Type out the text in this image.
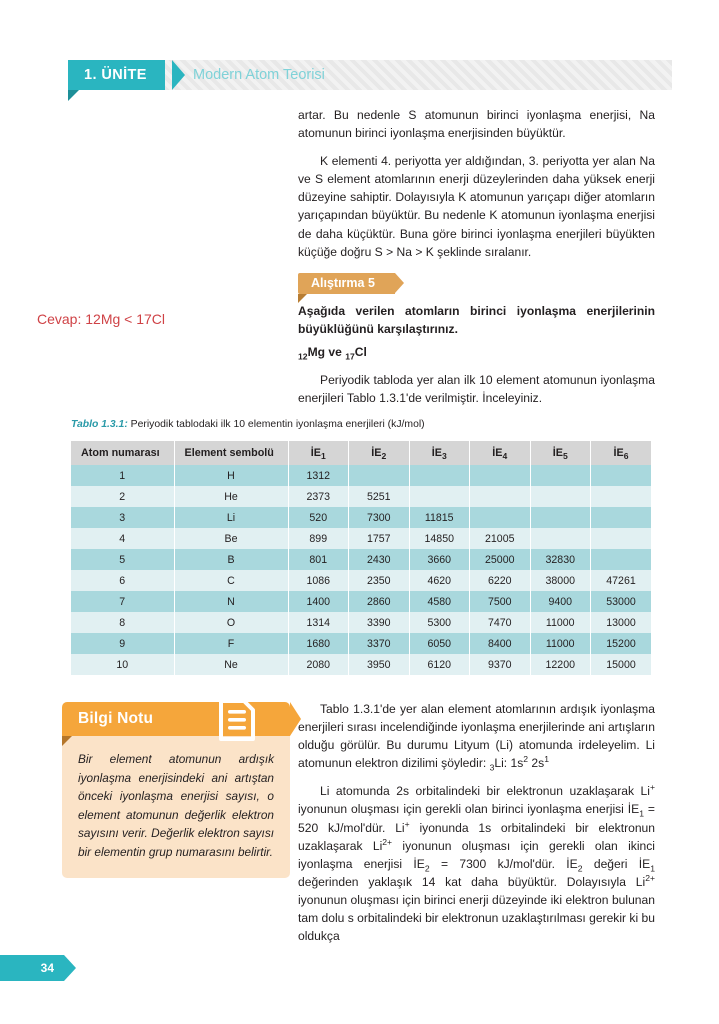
1. ÜNİTE	Modern Atom Teorisi

artar. Bu nedenle S atomunun birinci iyonlaşma enerjisi, Na atomunun birinci iyonlaşma enerjisinden büyüktür.

K elementi 4. periyotta yer aldığından, 3. periyotta yer alan Na ve S element atomlarının enerji düzeylerinden daha yüksek enerji düzeyine sahiptir. Dolayısıyla K atomunun yarıçapı diğer atomların yarıçapından büyüktür. Bu nedenle K atomunun iyonlaşma enerjisi de daha küçüktür. Buna göre birinci iyonlaşma enerjileri büyükten küçüğe doğru S > Na > K şeklinde sıralanır.

Cevap: 12Mg < 17Cl
Alıştırma 5

Aşağıda verilen atomların birinci iyonlaşma enerjilerinin büyüklüğünü karşılaştırınız.

$_{12}$Mg ve $_{17}$Cl

Periyodik tabloda yer alan ilk 10 element atomunun iyonlaşma enerjileri Tablo 1.3.1'de verilmiştir. İnceleyiniz.

Tablo 1.3.1: Periyodik tablodaki ilk 10 elementin iyonlaşma enerjileri (kJ/mol)
Atom numarası	Element sembolü	$İE_1$	$İE_2$	$İE_3$	$İE_4$	$İE_5$	$İE_6$
1	H	1312					
2	He	2373	5251				
3	Li	520	7300	11815			
4	Be	899	1757	14850	21005		
5	B	801	2430	3660	25000	32830	
6	C	1086	2350	4620	6220	38000	47261
7	N	1400	2860	4580	7500	9400	53000
8	O	1314	3390	5300	7470	11000	13000
9	F	1680	3370	6050	8400	11000	15200
10	Ne	2080	3950	6120	9370	12200	15000
Bilgi Notu
Bir element atomunun ardışık iyonlaşma enerjisindeki ani artıştan önceki iyonlaşma enerjisi sayısı, o element atomunun değerlik elektron sayısını verir. Değerlik elektron sayısı bir elementin grup numarasını belirtir.

Tablo 1.3.1'de yer alan element atomlarının ardışık iyonlaşma enerjileri sırası incelendiğinde iyonlaşma enerjilerinde ani artışların olduğu görülür. Bu durumu Lityum (Li) atomunda irdeleyelim. Li atomunun elektron dizilimi şöyledir: $_3$Li: $1s^2$ $2s^1$

Li atomunda 2s orbitalindeki bir elektronun uzaklaşarak Li+ iyonunun oluşması için gerekli olan birinci iyonlaşma enerjisi $İE_1 = 520$ kJ/mol'dür. Li+ iyonunda 1s orbitalindeki bir elektronun uzaklaşarak $Li^{2+}$ iyonunun oluşması için gerekli olan ikinci iyonlaşma enerjisi $İE_2 = 7300$ kJ/mol'dür. $İE_2$ değeri $İE_1$ değerinden yaklaşık 14 kat daha büyüktür. Dolayısıyla $Li^{2+}$ iyonunun oluşması için birinci enerji düzeyinde iki elektron bulunan tam dolu s orbitalindeki bir elektronun uzaklaştırılması gerekir ki bu oldukça

34
